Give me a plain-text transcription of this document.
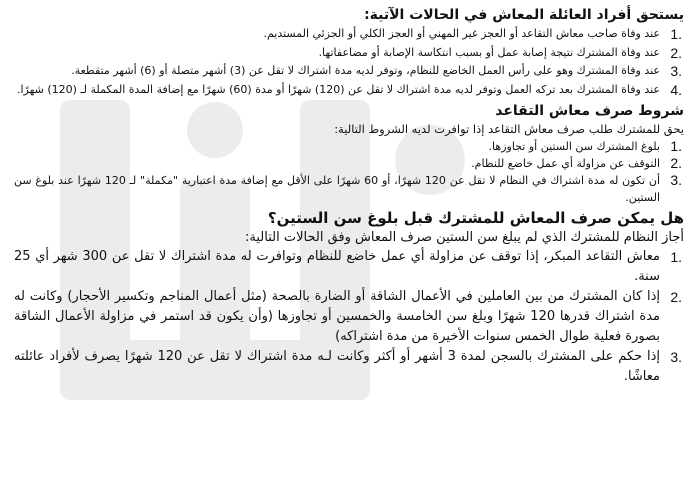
يستحق أفراد العائلة المعاش في الحالات الآتية:
1.
عند وفاة صاحب معاش التقاعد أو العجز غير المهني أو العجز الكلي أو الجزئي المستديم.
2.
عند وفاة المشترك نتيجة إصابة عمل أو بسبب انتكاسة الإصابة أو مضاعفاتها.
3.
عند وفاة المشترك وهو على رأس العمل الخاضع للنظام، وتوفر لديه مدة اشتراك لا تقل عن (3) أشهر متصلة أو (6) أشهر متقطعة.
4.
عند وفاة المشترك بعد تركه العمل وتوفر لديه مدة اشتراك لا تقل عن (120) شهرًا أو مدة (60) شهرًا مع إضافة المدة المكملة لـ (120) شهرًا.
شروط صرف معاش التقاعد

يحق للمشترك طلب صرف معاش التقاعد إذا توافرت لديه الشروط التالية:

1.
بلوغ المشترك سن الستين أو تجاوزها.
2.
التوقف عن مزاولة أي عمل خاضع للنظام.
3.
أن تكون له مدة اشتراك في النظام لا تقل عن 120 شهرًا، أو 60 شهرًا على الأقل مع إضافة مدة اعتبارية "مكملة" لـ 120 شهرًا عند بلوغ سن الستين.
هل يمكن صرف المعاش للمشترك قبل بلوغ سن الستين؟

أجاز النظام للمشترك الذي لم يبلغ سن الستين صرف المعاش وفق الحالات التالية:

1.
معاش التقاعد المبكر، إذا توقف عن مزاولة أي عمل خاضع للنظام وتوافرت له مدة اشتراك لا تقل عن 300 شهر أي 25 سنة.
2.
إذا كان المشترك من بين العاملين في الأعمال الشاقة أو الضارة بالصحة (مثل أعمال المناجم وتكسير الأحجار) وكانت له مدة اشتراك قدرها 120 شهرًا وبلغ سن الخامسة والخمسين أو تجاوزها (وأن يكون قد استمر في مزاولة الأعمال الشاقة بصورة فعلية طوال الخمس سنوات الأخيرة من مدة اشتراكه)
3.
إذا حكم على المشترك بالسجن لمدة 3 أشهر أو أكثر وكانت لـه مدة اشتراك لا تقل عن 120 شهرًا يصرف لأفراد عائلته معاشًا.
